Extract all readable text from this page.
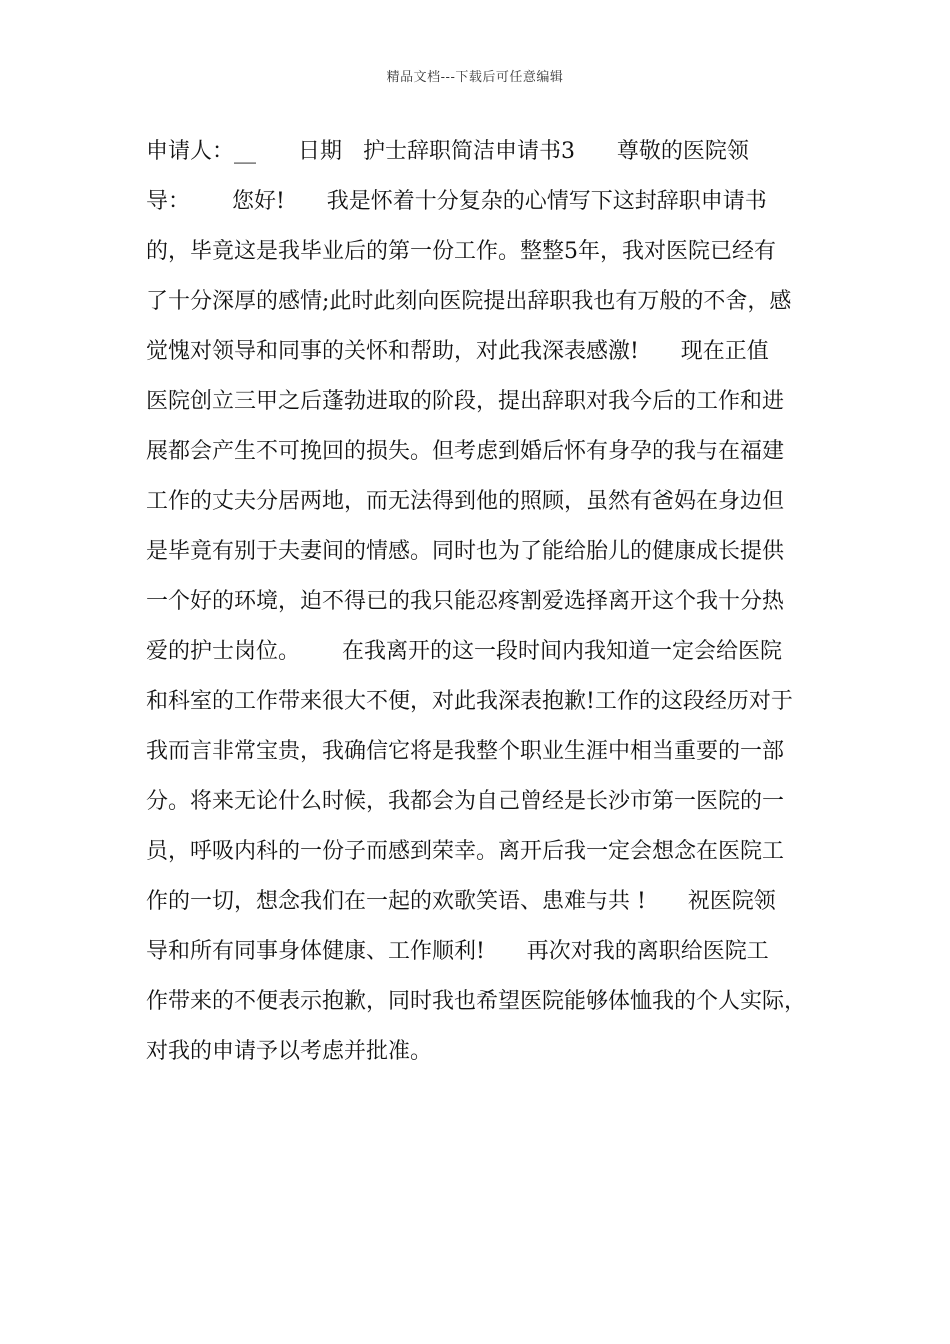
精品文档---下载后可任意编辑
申请人：__      日期   护士辞职简洁申请书3      尊敬的医院领
导：      您好!      我是怀着十分复杂的心情写下这封辞职申请书
的，毕竟这是我毕业后的第一份工作。整整5年，我对医院已经有
了十分深厚的感情;此时此刻向医院提出辞职我也有万般的不舍，感
觉愧对领导和同事的关怀和帮助，对此我深表感激!      现在正值
医院创立三甲之后蓬勃进取的阶段，提出辞职对我今后的工作和进
展都会产生不可挽回的损失。但考虑到婚后怀有身孕的我与在福建
工作的丈夫分居两地，而无法得到他的照顾，虽然有爸妈在身边但
是毕竟有别于夫妻间的情感。同时也为了能给胎儿的健康成长提供
一个好的环境，迫不得已的我只能忍疼割爱选择离开这个我十分热
爱的护士岗位。      在我离开的这一段时间内我知道一定会给医院
和科室的工作带来很大不便，对此我深表抱歉!工作的这段经历对于
我而言非常宝贵，我确信它将是我整个职业生涯中相当重要的一部
分。将来无论什么时候，我都会为自己曾经是长沙市第一医院的一
员，呼吸内科的一份子而感到荣幸。离开后我一定会想念在医院工
作的一切，想念我们在一起的欢歌笑语、患难与共 !      祝医院领
导和所有同事身体健康、工作顺利!      再次对我的离职给医院工
作带来的不便表示抱歉，同时我也希望医院能够体恤我的个人实际，
对我的申请予以考虑并批准。
